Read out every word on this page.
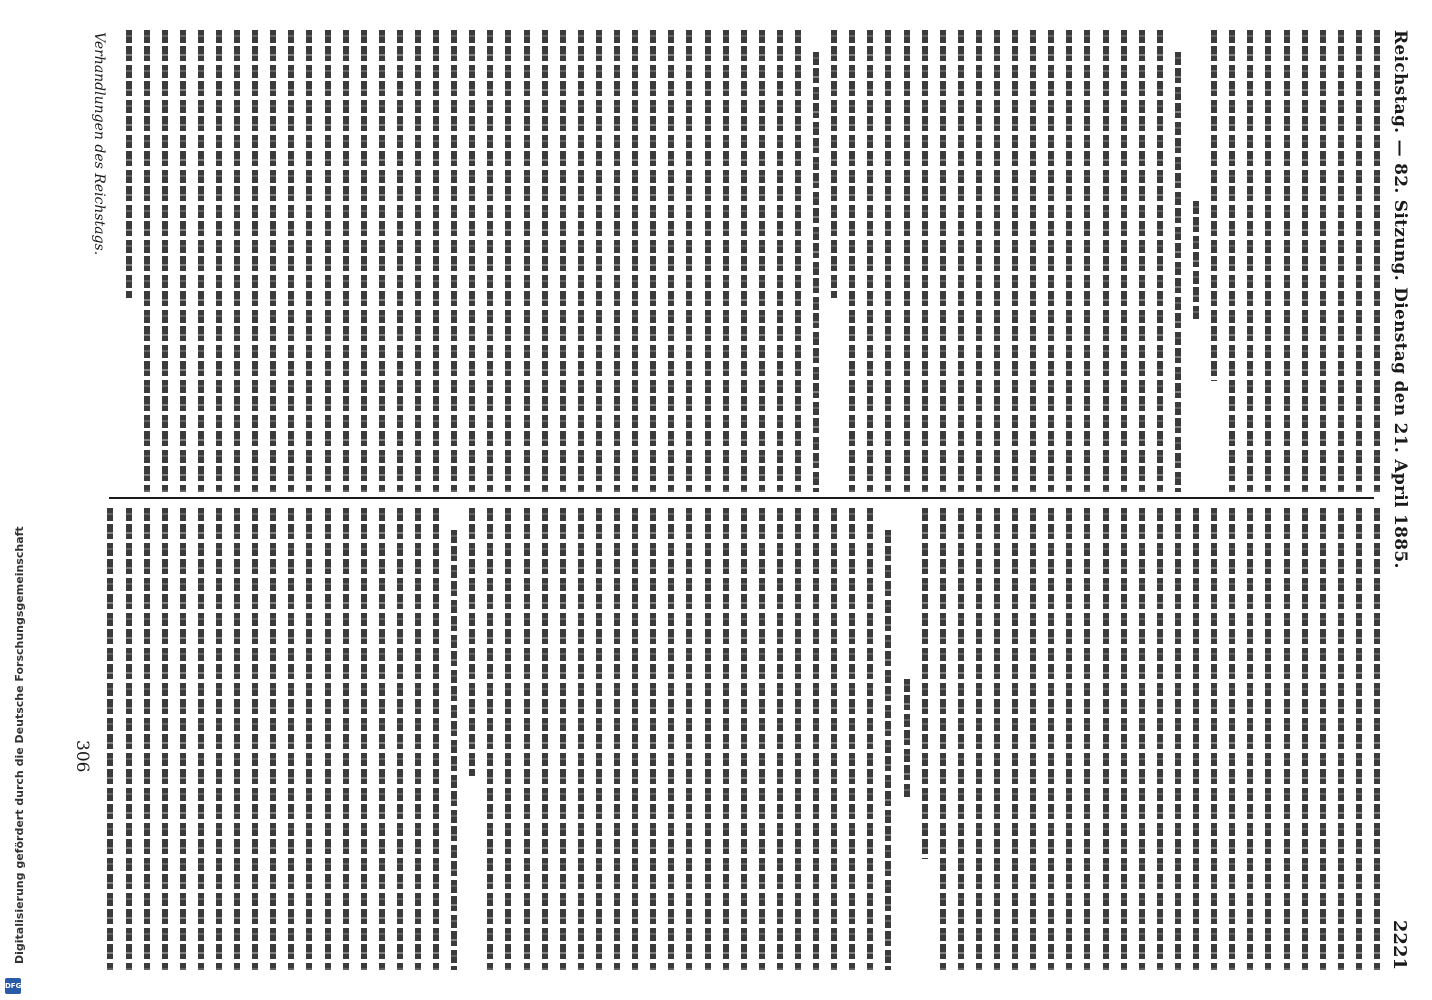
Reichstag. — 82. Sitzung. Dienstag den 21. April 1885.
2221
Verhandlungen des Reichstags.
306
Digitalisierung gefördert durch die Deutsche Forschungsgemeinschaft
DFG
